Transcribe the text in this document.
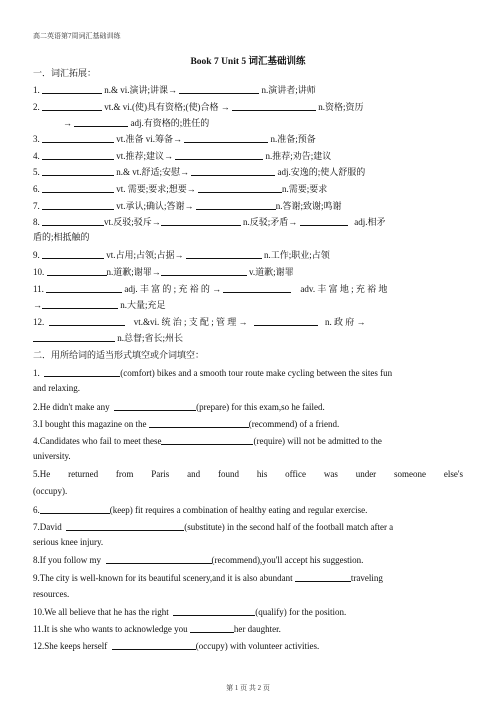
高二英语第7周词汇基础训练
Book 7 Unit 5 词汇基础训练
一．词汇拓展：
1.	n.& vi.演讲;讲课→	n.演讲者;讲师
2.	vt.& vi.(使)具有资格;(使)合格 →	n.资格;资历
→	adj.有资格的;胜任的
3.	vt.准备 vi.筹备→	n.准备;预备
4.	vt.推荐;建议→	n.推荐;劝告;建议
5.	n.& vt.舒适;安慰→	adj.安逸的;使人舒服的
6.	vt. 需要;要求;想要→	n.需要;要求
7.	vt.承认;确认;答谢→	n.答谢;致谢;鸣谢
8.	vt.反驳;驳斥→	n.反驳;矛盾→	adj.相矛
盾的;相抵触的
9.	vt.占用;占领;占据→	n.工作;职业;占领
10.	n.道歉;谢罪→	v.道歉;谢罪
11.	adj. 丰 富 的 ; 充 裕 的 →	adv. 丰 富 地 ; 充 裕 地
→	n.大量;充足
12.	vt.&vi. 统 治 ; 支 配 ; 管 理 →	n. 政 府 →
n.总督;省长;州长
二．用所给词的适当形式填空或介词填空：
1.	(comfort) bikes and a smooth tour route make cycling between the sites fun
and relaxing.
2.He didn't make any	(prepare) for this exam,so he failed.
3.I bought this magazine on the	(recommend) of a friend.
4.Candidates who fail to meet these	(require) will not be admitted to the
university.
5.He returned from Paris and found his office was under someone else's
(occupy).
6.	(keep) fit requires a combination of healthy eating and regular exercise.
7.David	(substitute) in the second half of the football match after a
serious knee injury.
8.If you follow my	(recommend),you'll accept his suggestion.
9.The city is well-known for its beautiful scenery,and it is also abundant	traveling
resources.
10.We all believe that he has the right	(qualify) for the position.
11.It is she who wants to acknowledge you	her daughter.
12.She keeps herself	(occupy) with volunteer activities.
第 1 页 共 2 页
